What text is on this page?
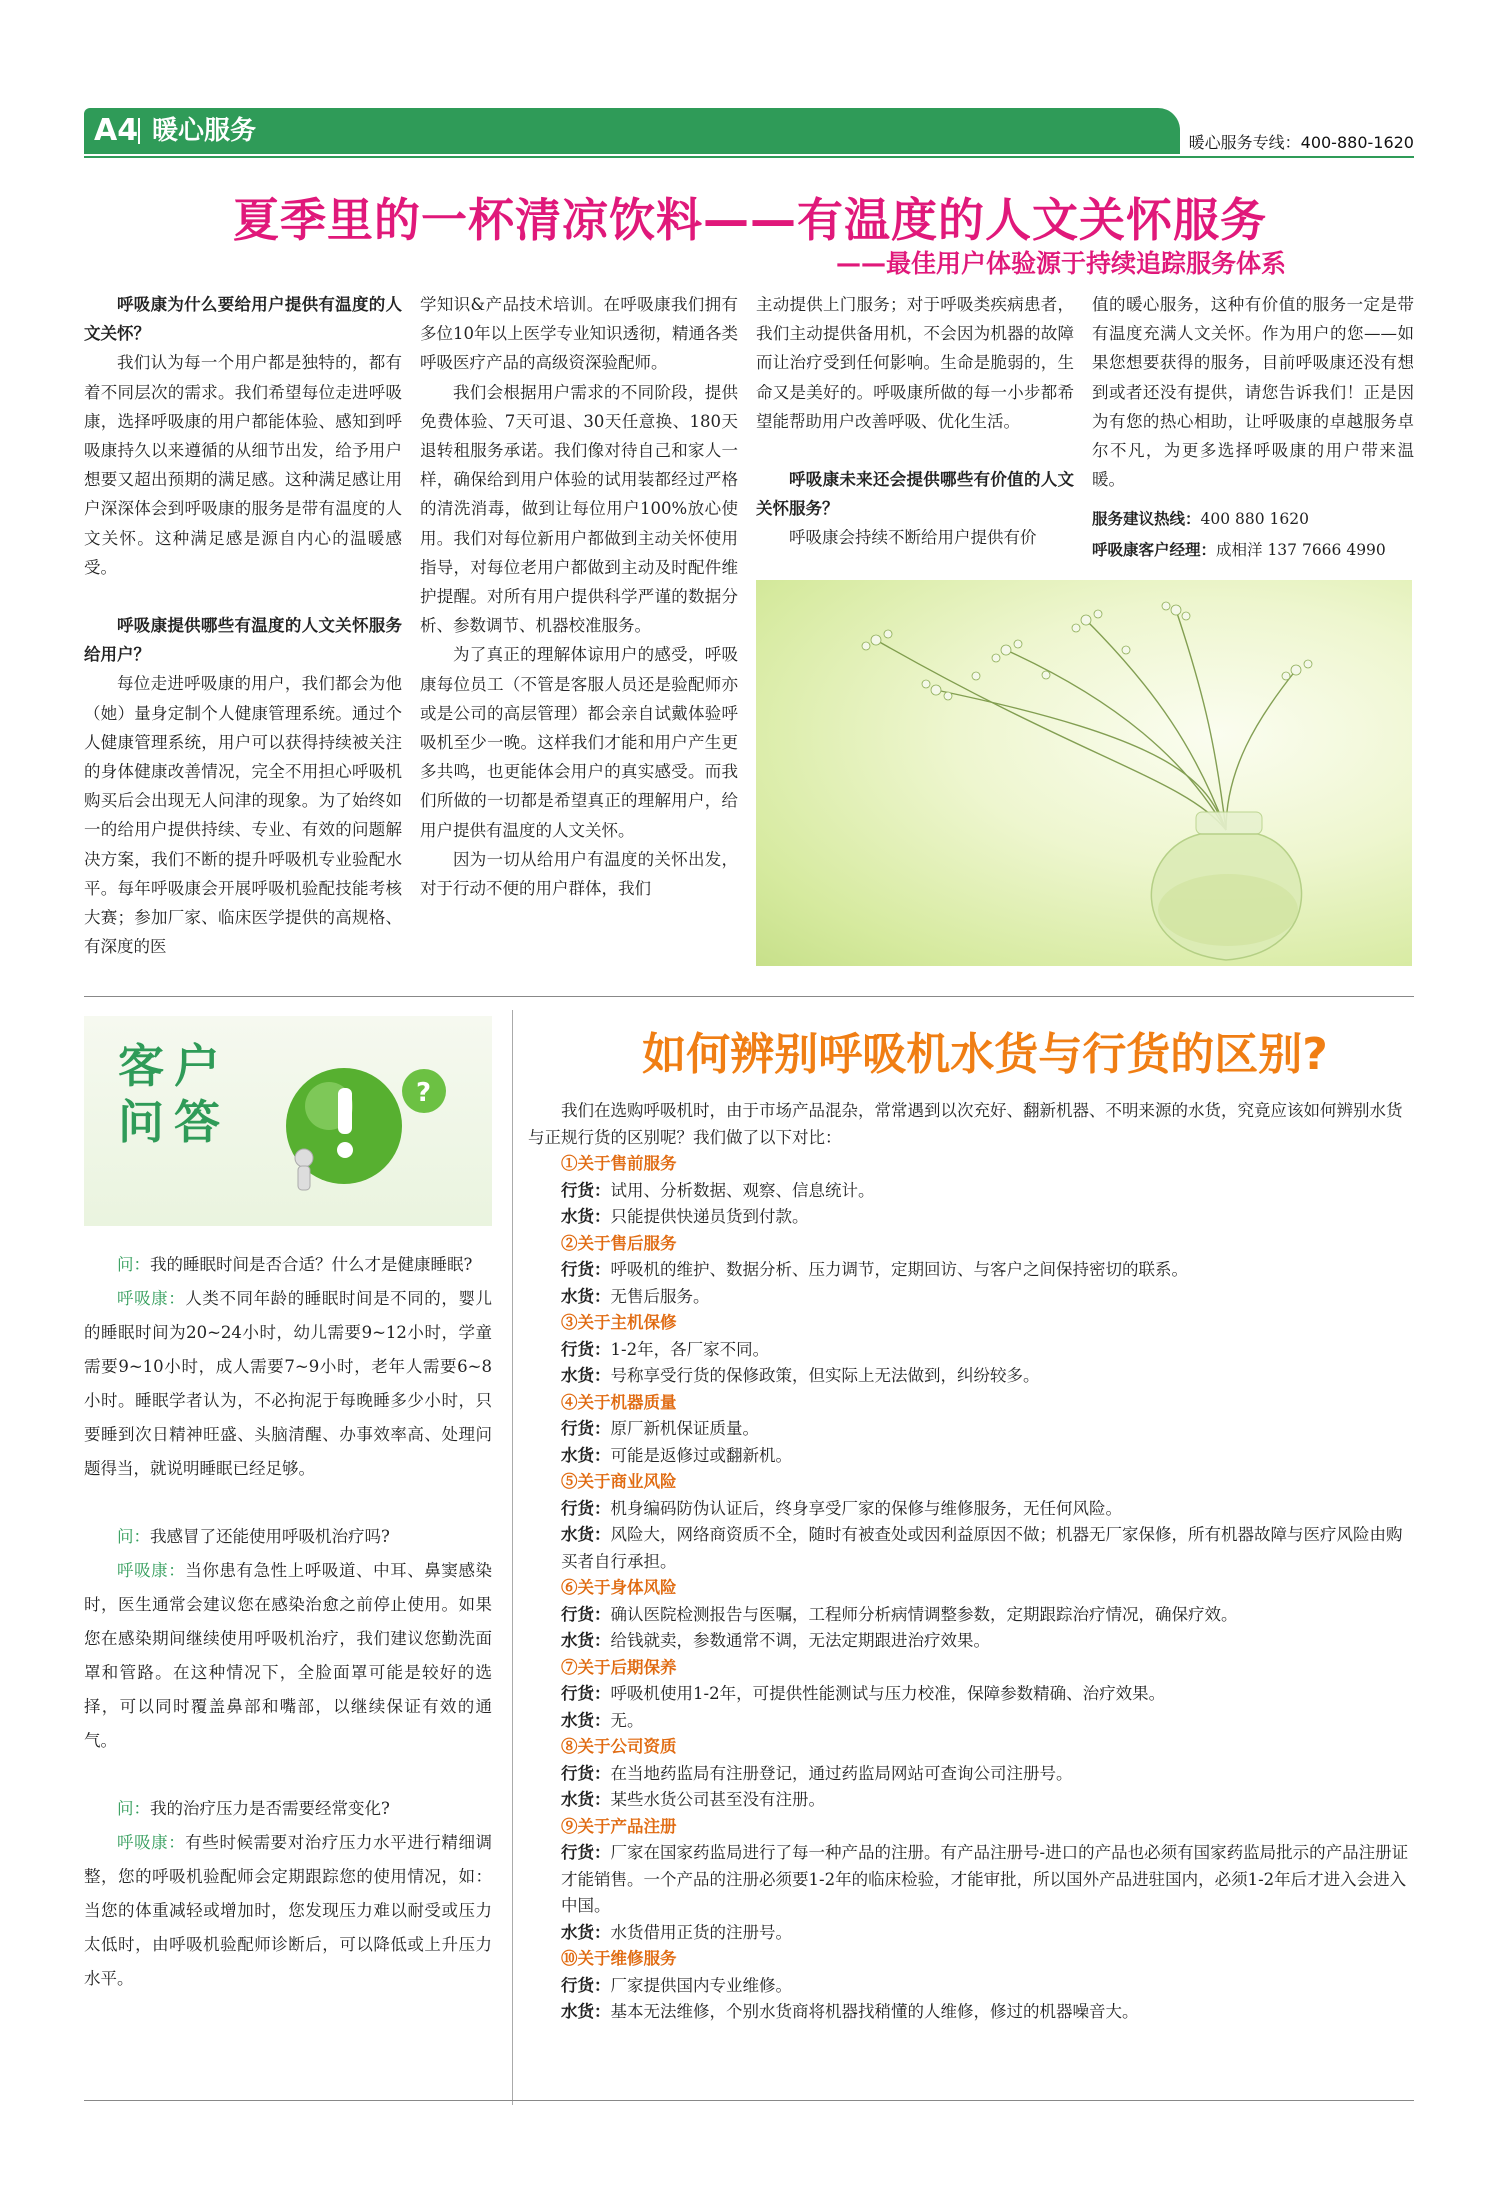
A4 暖心服务	暖心服务专线：400-880-1620
夏季里的一杯清凉饮料——有温度的人文关怀服务
——最佳用户体验源于持续追踪服务体系

呼吸康为什么要给用户提供有温度的人文关怀？

我们认为每一个用户都是独特的，都有着不同层次的需求。我们希望每位走进呼吸康，选择呼吸康的用户都能体验、感知到呼吸康持久以来遵循的从细节出发，给予用户想要又超出预期的满足感。这种满足感让用户深深体会到呼吸康的服务是带有温度的人文关怀。这种满足感是源自内心的温暖感受。

呼吸康提供哪些有温度的人文关怀服务给用户？

每位走进呼吸康的用户，我们都会为他（她）量身定制个人健康管理系统。通过个人健康管理系统，用户可以获得持续被关注的身体健康改善情况，完全不用担心呼吸机购买后会出现无人问津的现象。为了始终如一的给用户提供持续、专业、有效的问题解决方案，我们不断的提升呼吸机专业验配水平。每年呼吸康会开展呼吸机验配技能考核大赛；参加厂家、临床医学提供的高规格、有深度的医

学知识&产品技术培训。在呼吸康我们拥有多位10年以上医学专业知识透彻，精通各类呼吸医疗产品的高级资深验配师。

我们会根据用户需求的不同阶段，提供免费体验、7天可退、30天任意换、180天退转租服务承诺。我们像对待自己和家人一样，确保给到用户体验的试用装都经过严格的清洗消毒，做到让每位用户100%放心使用。我们对每位新用户都做到主动关怀使用指导，对每位老用户都做到主动及时配件维护提醒。对所有用户提供科学严谨的数据分析、参数调节、机器校准服务。

为了真正的理解体谅用户的感受，呼吸康每位员工（不管是客服人员还是验配师亦或是公司的高层管理）都会亲自试戴体验呼吸机至少一晚。这样我们才能和用户产生更多共鸣，也更能体会用户的真实感受。而我们所做的一切都是希望真正的理解用户，给用户提供有温度的人文关怀。

因为一切从给用户有温度的关怀出发，对于行动不便的用户群体，我们

主动提供上门服务；对于呼吸类疾病患者，我们主动提供备用机，不会因为机器的故障而让治疗受到任何影响。生命是脆弱的，生命又是美好的。呼吸康所做的每一小步都希望能帮助用户改善呼吸、优化生活。

呼吸康未来还会提供哪些有价值的人文关怀服务？

呼吸康会持续不断给用户提供有价

值的暖心服务，这种有价值的服务一定是带有温度充满人文关怀。作为用户的您——如果您想要获得的服务，目前呼吸康还没有想到或者还没有提供，请您告诉我们！正是因为有您的热心相助，让呼吸康的卓越服务卓尔不凡，为更多选择呼吸康的用户带来温暖。

服务建议热线：400 880 1620

呼吸康客户经理：成相洋 137 7666 4990

?
客户问答

问：我的睡眠时间是否合适？什么才是健康睡眠?

呼吸康：人类不同年龄的睡眠时间是不同的，婴儿的睡眠时间为20~24小时，幼儿需要9~12小时，学童需要9~10小时，成人需要7~9小时，老年人需要6~8小时。睡眠学者认为，不必拘泥于每晚睡多少小时，只要睡到次日精神旺盛、头脑清醒、办事效率高、处理问题得当，就说明睡眠已经足够。

问：我感冒了还能使用呼吸机治疗吗?

呼吸康：当你患有急性上呼吸道、中耳、鼻窦感染时，医生通常会建议您在感染治愈之前停止使用。如果您在感染期间继续使用呼吸机治疗，我们建议您勤洗面罩和管路。在这种情况下，全脸面罩可能是较好的选择，可以同时覆盖鼻部和嘴部，以继续保证有效的通气。

问：我的治疗压力是否需要经常变化?

呼吸康：有些时候需要对治疗压力水平进行精细调整，您的呼吸机验配师会定期跟踪您的使用情况，如：当您的体重减轻或增加时，您发现压力难以耐受或压力太低时，由呼吸机验配师诊断后，可以降低或上升压力水平。

如何辨别呼吸机水货与行货的区别?

我们在选购呼吸机时，由于市场产品混杂，常常遇到以次充好、翻新机器、不明来源的水货，究竟应该如何辨别水货与正规行货的区别呢？我们做了以下对比：

①关于售前服务

行货：试用、分析数据、观察、信息统计。

水货：只能提供快递员货到付款。

②关于售后服务

行货：呼吸机的维护、数据分析、压力调节，定期回访、与客户之间保持密切的联系。

水货：无售后服务。

③关于主机保修

行货：1-2年，各厂家不同。

水货：号称享受行货的保修政策，但实际上无法做到，纠纷较多。

④关于机器质量

行货：原厂新机保证质量。

水货：可能是返修过或翻新机。

⑤关于商业风险

行货：机身编码防伪认证后，终身享受厂家的保修与维修服务，无任何风险。

水货：风险大，网络商资质不全，随时有被查处或因利益原因不做；机器无厂家保修，所有机器故障与医疗风险由购买者自行承担。

⑥关于身体风险

行货：确认医院检测报告与医嘱，工程师分析病情调整参数，定期跟踪治疗情况，确保疗效。

水货：给钱就卖，参数通常不调，无法定期跟进治疗效果。

⑦关于后期保养

行货：呼吸机使用1-2年，可提供性能测试与压力校准，保障参数精确、治疗效果。

水货：无。

⑧关于公司资质

行货：在当地药监局有注册登记，通过药监局网站可查询公司注册号。

水货：某些水货公司甚至没有注册。

⑨关于产品注册

行货：厂家在国家药监局进行了每一种产品的注册。有产品注册号-进口的产品也必须有国家药监局批示的产品注册证才能销售。一个产品的注册必须要1-2年的临床检验，才能审批，所以国外产品进驻国内，必须1-2年后才进入会进入中国。

水货：水货借用正货的注册号。

⑩关于维修服务

行货：厂家提供国内专业维修。

水货：基本无法维修，个别水货商将机器找稍懂的人维修，修过的机器噪音大。
